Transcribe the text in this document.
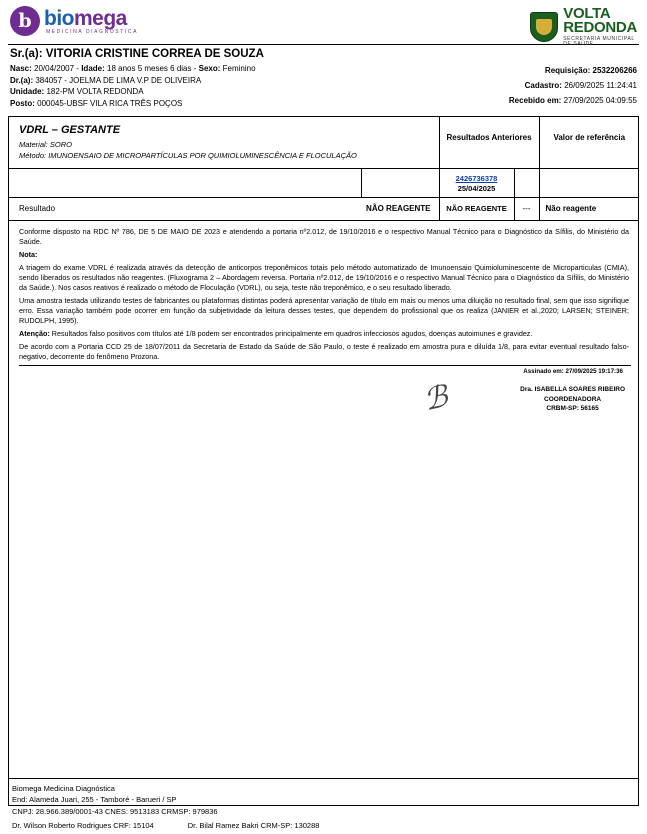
b biomega
MEDICINA DIAGNÓSTICA
VOLTA
REDONDA
SECRETARIA MUNICIPAL
DE SAÚDE
Sr.(a): VITORIA CRISTINE CORREA DE SOUZA
Nasc: 20/04/2007 - Idade: 18 anos 5 meses 6 dias - Sexo: Feminino
Dr.(a): 384057 - JOELMA DE LIMA V.P DE OLIVEIRA
Unidade: 182-PM VOLTA REDONDA
Posto: 000045-UBSF VILA RICA TRÊS POÇOS
Requisição: 2532206266
Cadastro: 26/09/2025 11:24:41
Recebido em: 27/09/2025 04:09:55
VDRL – GESTANTE
Material: SORO
Método: IMUNOENSAIO DE MICROPARTÍCULAS POR QUIMIOLUMINESCÊNCIA E FLOCULAÇÃO		Resultados Anteriores		Valor de referência

		2426736378
25/04/2025		

Resultado	NÃO REAGENTE	NÃO REAGENTE	---	Não reagente

Conforme disposto na RDC Nº 786, DE 5 DE MAIO DE 2023 e atendendo a portaria nº2.012, de 19/10/2016 e o respectivo Manual Técnico para o Diagnóstico da Sífilis, do Ministério da Saúde.

Nota:

A triagem do exame VDRL é realizada através da detecção de anticorpos treponêmicos totais pelo método automatizado de Imunoensaio Quimioluminescente de Microparticulas (CMIA), sendo liberados os resultados não reagentes. (Fluxograma 2 – Abordagem reversa. Portaria nº2.012, de 19/10/2016 e o respectivo Manual Técnico para o Diagnóstico da Sífilis, do Ministério da Saúde.). Nos casos reativos é realizado o método de Floculação (VDRL), ou seja, teste não treponêmico, e o seu resultado liberado.

Uma amostra testada utilizando testes de fabricantes ou plataformas distintas poderá apresentar variação de título em mais ou menos uma diluição no resultado final, sem que isso signifique erro. Essa variação também pode ocorrer em função da subjetividade da leitura desses testes, que dependem do profissional que os realiza (JANIER et al.,2020; LARSEN; STEINER; RUDOLPH, 1995).

Atenção: Resultados falso positivos com títulos até 1/8 podem ser encontrados principalmente em quadros infecciosos agudos, doenças autoimunes e gravidez.

De acordo com a Portaria CCD 25 de 18/07/2011 da Secretaria de Estado da Saúde de São Paulo, o teste é realizado em amostra pura e diluída 1/8, para evitar eventual resultado falso-negativo, decorrente do fenômeno Prozona.

Assinado em: 27/09/2025 19:17:36
ℬ	Dra. ISABELLA SOARES RIBEIRO
COORDENADORA
CRBM-SP: 56165
Biomega Medicina Diagnóstica
End: Alameda Juari, 255 - Tamboré - Barueri / SP
CNPJ: 28.966.389/0001-43 CNES: 9513183 CRMSP: 979836
Dr. Wilson Roberto Rodrigues CRF: 15104	Dr. Bilal Ramez Bakri CRM-SP: 130288
